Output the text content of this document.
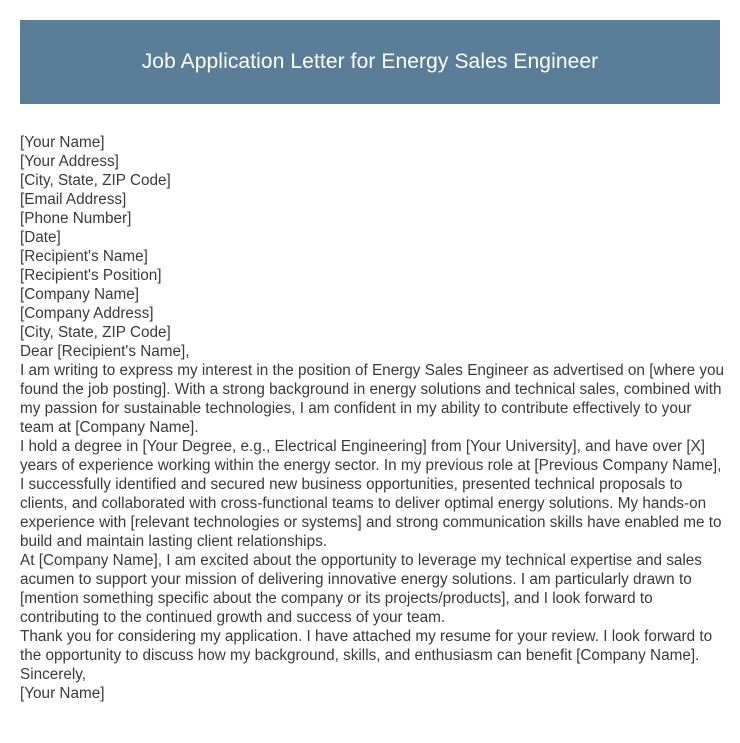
Job Application Letter for Energy Sales Engineer
[Your Name]
[Your Address]
[City, State, ZIP Code]
[Email Address]
[Phone Number]
[Date]
[Recipient's Name]
[Recipient's Position]
[Company Name]
[Company Address]
[City, State, ZIP Code]
Dear [Recipient's Name],
I am writing to express my interest in the position of Energy Sales Engineer as advertised on [where you found the job posting]. With a strong background in energy solutions and technical sales, combined with my passion for sustainable technologies, I am confident in my ability to contribute effectively to your team at [Company Name].
I hold a degree in [Your Degree, e.g., Electrical Engineering] from [Your University], and have over [X] years of experience working within the energy sector. In my previous role at [Previous Company Name], I successfully identified and secured new business opportunities, presented technical proposals to clients, and collaborated with cross-functional teams to deliver optimal energy solutions. My hands-on experience with [relevant technologies or systems] and strong communication skills have enabled me to build and maintain lasting client relationships.
At [Company Name], I am excited about the opportunity to leverage my technical expertise and sales acumen to support your mission of delivering innovative energy solutions. I am particularly drawn to [mention something specific about the company or its projects/products], and I look forward to contributing to the continued growth and success of your team.
Thank you for considering my application. I have attached my resume for your review. I look forward to the opportunity to discuss how my background, skills, and enthusiasm can benefit [Company Name].
Sincerely,
[Your Name]
